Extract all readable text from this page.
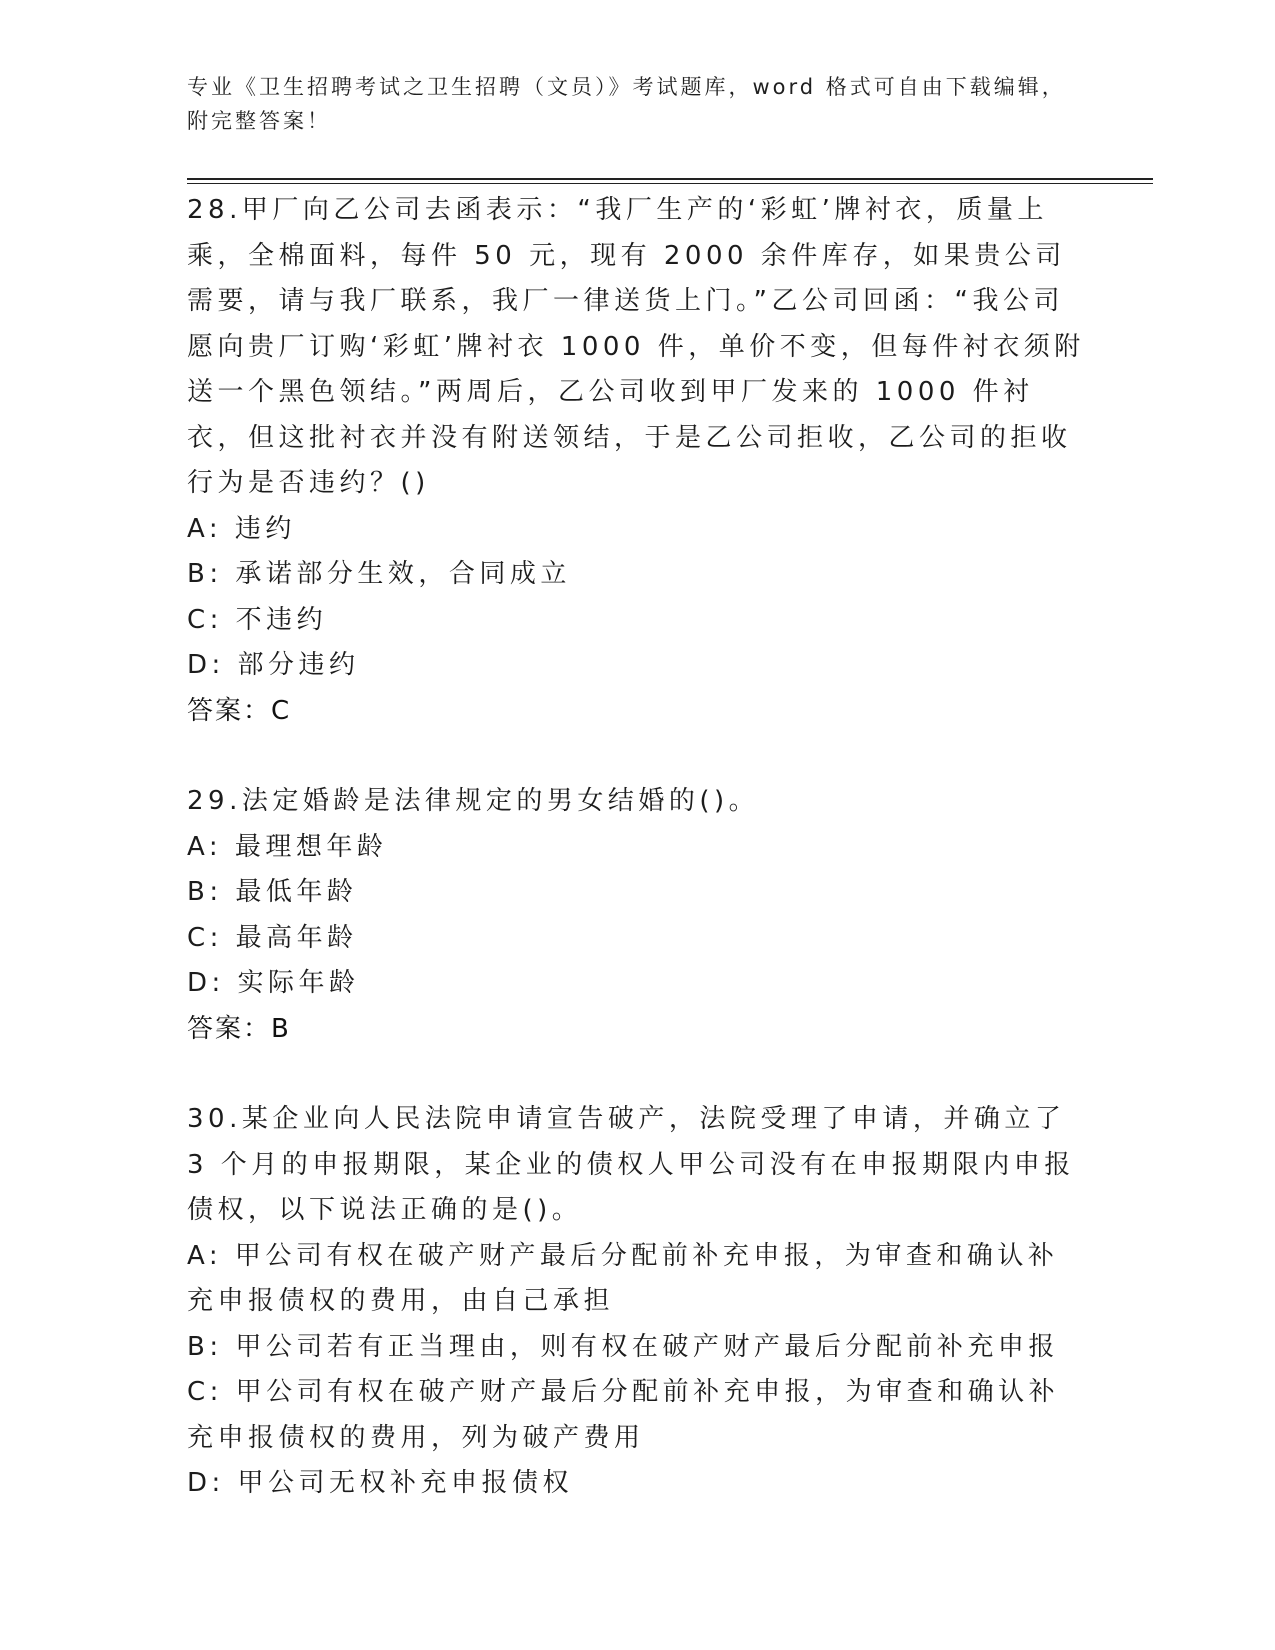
专业《卫生招聘考试之卫生招聘（文员）》考试题库，word 格式可自由下载编辑，附完整答案！

28.甲厂向乙公司去函表示：“我厂生产的‘彩虹’牌衬衣，质量上乘，全棉面料，每件 50 元，现有 2000 余件库存，如果贵公司需要，请与我厂联系，我厂一律送货上门。”乙公司回函：“我公司愿向贵厂订购‘彩虹’牌衬衣 1000 件，单价不变，但每件衬衣须附送一个黑色领结。”两周后，乙公司收到甲厂发来的 1000 件衬衣，但这批衬衣并没有附送领结，于是乙公司拒收，乙公司的拒收行为是否违约？()

A: 违约

B: 承诺部分生效，合同成立

C: 不违约

D: 部分违约

答案：C

29.法定婚龄是法律规定的男女结婚的()。

A: 最理想年龄

B: 最低年龄

C: 最高年龄

D: 实际年龄

答案：B

30.某企业向人民法院申请宣告破产，法院受理了申请，并确立了 3 个月的申报期限，某企业的债权人甲公司没有在申报期限内申报债权，以下说法正确的是()。

A: 甲公司有权在破产财产最后分配前补充申报，为审查和确认补充申报债权的费用，由自己承担

B: 甲公司若有正当理由，则有权在破产财产最后分配前补充申报

C: 甲公司有权在破产财产最后分配前补充申报，为审查和确认补充申报债权的费用，列为破产费用

D: 甲公司无权补充申报债权
